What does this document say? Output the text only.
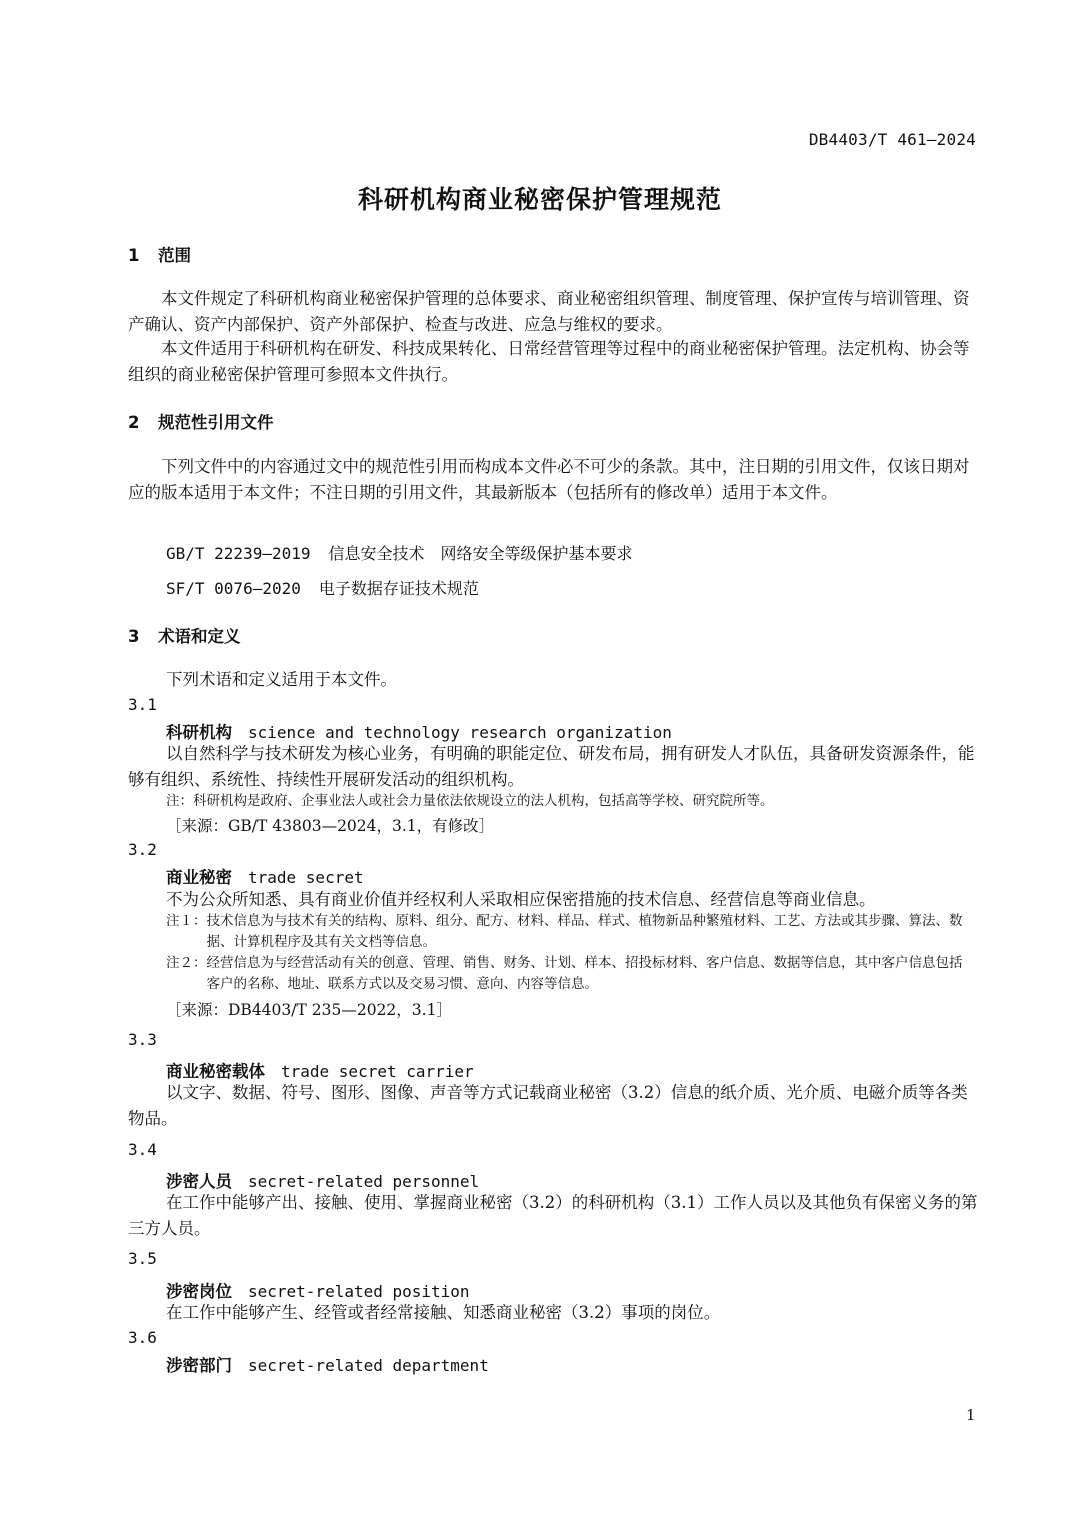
DB4403/T 461—2024
科研机构商业秘密保护管理规范
1 范围
本文件规定了科研机构商业秘密保护管理的总体要求、商业秘密组织管理、制度管理、保护宣传与培训管理、资产确认、资产内部保护、资产外部保护、检查与改进、应急与维权的要求。
本文件适用于科研机构在研发、科技成果转化、日常经营管理等过程中的商业秘密保护管理。法定机构、协会等组织的商业秘密保护管理可参照本文件执行。
2 规范性引用文件
下列文件中的内容通过文中的规范性引用而构成本文件必不可少的条款。其中，注日期的引用文件，仅该日期对应的版本适用于本文件；不注日期的引用文件，其最新版本（包括所有的修改单）适用于本文件。
GB/T 22239—2019 信息安全技术　网络安全等级保护基本要求
SF/T 0076—2020 电子数据存证技术规范
3 术语和定义
下列术语和定义适用于本文件。
3.1
科研机构 science and technology research organization
以自然科学与技术研发为核心业务，有明确的职能定位、研发布局，拥有研发人才队伍，具备研发资源条件，能够有组织、系统性、持续性开展研发活动的组织机构。
注：科研机构是政府、企事业法人或社会力量依法依规设立的法人机构，包括高等学校、研究院所等。
［来源：GB/T 43803—2024，3.1，有修改］
3.2
商业秘密 trade secret
不为公众所知悉、具有商业价值并经权利人采取相应保密措施的技术信息、经营信息等商业信息。
注１： 技术信息为与技术有关的结构、原料、组分、配方、材料、样品、样式、植物新品种繁殖材料、工艺、方法或其步骤、算法、数据、计算机程序及其有关文档等信息。
注２： 经营信息为与经营活动有关的创意、管理、销售、财务、计划、样本、招投标材料、客户信息、数据等信息，其中客户信息包括客户的名称、地址、联系方式以及交易习惯、意向、内容等信息。
［来源：DB4403/T 235—2022，3.1］
3.3
商业秘密载体 trade secret carrier
以文字、数据、符号、图形、图像、声音等方式记载商业秘密（3.2）信息的纸介质、光介质、电磁介质等各类物品。
3.4
涉密人员 secret-related personnel
在工作中能够产出、接触、使用、掌握商业秘密（3.2）的科研机构（3.1）工作人员以及其他负有保密义务的第三方人员。
3.5
涉密岗位 secret-related position
在工作中能够产生、经管或者经常接触、知悉商业秘密（3.2）事项的岗位。
3.6
涉密部门 secret-related department
1
